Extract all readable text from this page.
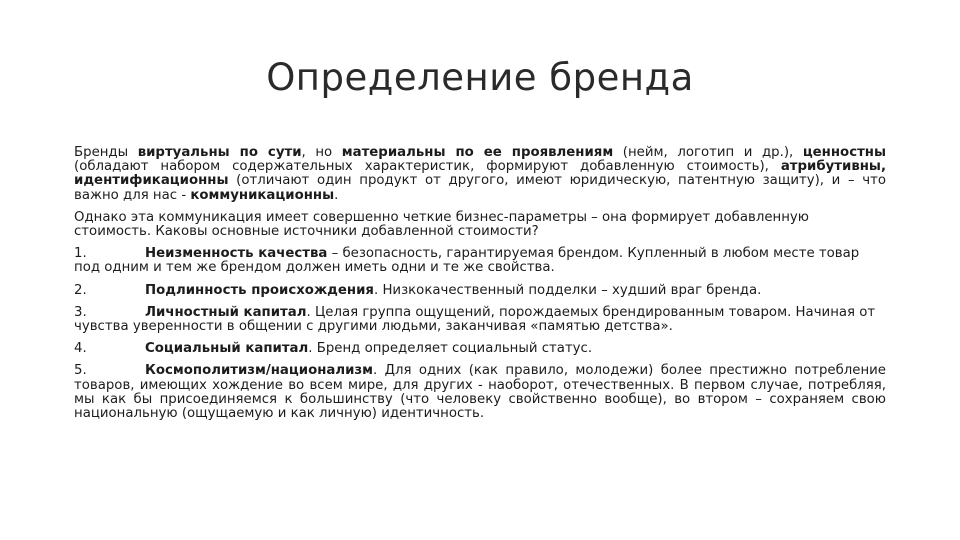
Определение бренда

Бренды виртуальны по сути, но материальны по ее проявлениям (нейм, логотип и др.), ценностны (обладают набором содержательных характеристик, формируют добавленную стоимость), атрибутивны, идентификационны (отличают один продукт от другого, имеют юридическую, патентную защиту), и – что важно для нас - коммуникационны.

Однако эта коммуникация имеет совершенно четкие бизнес-параметры – она формирует добавленную стоимость. Каковы основные источники добавленной стоимости?

1.	Неизменность качества – безопасность, гарантируемая брендом. Купленный в любом месте товар под одним и тем же брендом должен иметь одни и те же свойства.

2.	Подлинность происхождения. Низкокачественный подделки – худший враг бренда.

3.	Личностный капитал. Целая группа ощущений, порождаемых брендированным товаром. Начиная от чувства уверенности в общении с другими людьми, заканчивая «памятью детства».

4.	Социальный капитал. Бренд определяет социальный статус.

5.	Космополитизм/национализм. Для одних (как правило, молодежи) более престижно потребление товаров, имеющих хождение во всем мире, для других - наоборот, отечественных. В первом случае, потребляя, мы как бы присоединяемся к большинству (что человеку свойственно вообще), во втором – сохраняем свою национальную (ощущаемую и как личную) идентичность.
